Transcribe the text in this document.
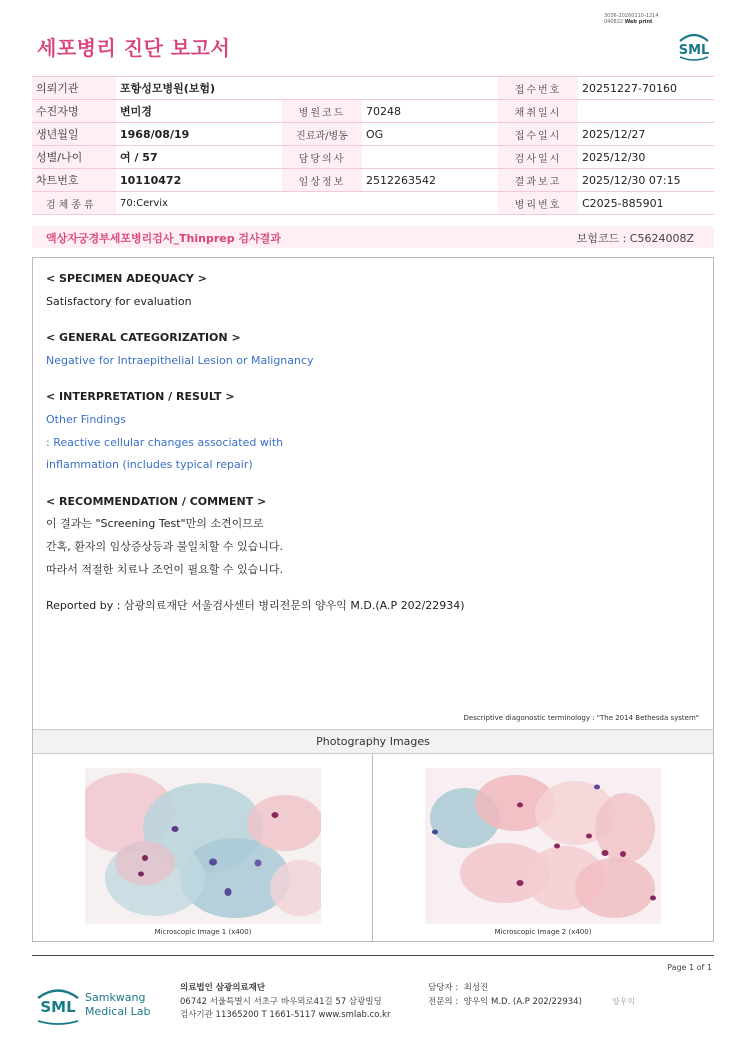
3036-20260110-1214
040822 Web print
세포병리 진단 보고서	SML
의뢰기관	포항성모병원(보험)			접수번호	20251227-70160
수진자명	변미경	병원코드	70248	채취일시	
생년월일	1968/08/19	진료과/병동	OG	접수일시	2025/12/27
성별/나이	여 / 57	담당의사		검사일시	2025/12/30
차트번호	10110472	임상정보	2512263542	결과보고	2025/12/30 07:15
검체종류	70:Cervix			병리번호	C2025-885901
액상자궁경부세포병리검사_Thinprep 검사결과	보험코드 : C5624008Z
< SPECIMEN ADEQUACY >
Satisfactory for evaluation
< GENERAL CATEGORIZATION >
Negative for Intraepithelial Lesion or Malignancy
< INTERPRETATION / RESULT >
Other Findings
: Reactive cellular changes associated with
inflammation (includes typical repair)
< RECOMMENDATION / COMMENT >
이 결과는 "Screening Test"만의 소견이므로
간혹, 환자의 임상증상등과 불일치할 수 있습니다.
따라서 적절한 치료나 조언이 필요할 수 있습니다.
Reported by : 삼광의료재단 서울검사센터 병리전문의 양우익 M.D.(A.P 202/22934)
Descriptive diagonostic terminology : "The 2014 Bethesda system"
Photography Images
Microscopic Image 1 (x400)	Microscopic Image 2 (x400)
Page 1 of 1
SML
Samkwang
Medical Lab
의료법인 삼광의료재단
06742 서울특별시 서초구 바우뫼로41길 57 삼광빌딩
검사기관 11365200 T 1661-5117 www.smlab.co.kr
담당자 : 최성진
전문의 : 양우익 M.D. (A.P 202/22934)	양우익
